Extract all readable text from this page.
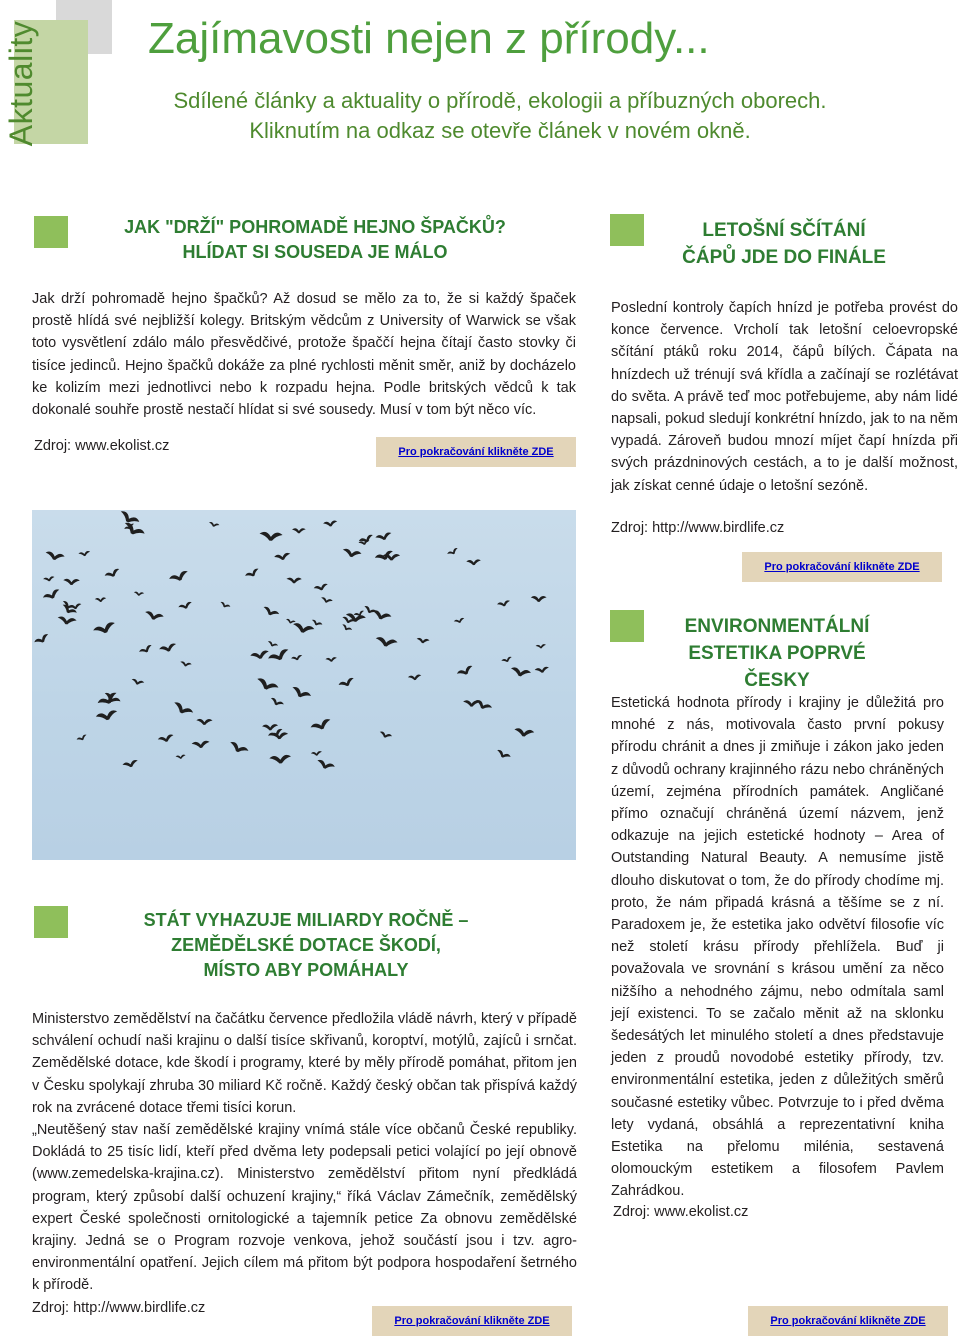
Aktuality Zajímavosti nejen z přírody...
Sdílené články a aktuality o přírodě, ekologii a příbuzných oborech.
Kliknutím na odkaz se otevře článek v novém okně.
JAK "DRŽÍ" POHROMADĚ HEJNO ŠPAČKŮ?
HLÍDAT SI SOUSEDA JE MÁLO
Jak drží pohromadě hejno špačků? Až dosud se mělo za to, že si každý špaček prostě hlídá své nejbližší kolegy. Britským vědcům z University of Warwick se však toto vysvětlení zdálo málo přesvědčivé, protože špaččí hejna čítají často stovky či tisíce jedinců. Hejno špačků dokáže za plné rychlosti měnit směr, aniž by docházelo ke kolizím mezi jednotlivci nebo k rozpadu hejna. Podle britských vědců k tak dokonalé souhře prostě nestačí hlídat si své sousedy. Musí v tom být něco víc.
Zdroj: www.ekolist.cz	Pro pokračování klikněte ZDE
LETOŠNÍ SČÍTÁNÍ
ČÁPŮ JDE DO FINÁLE
Poslední kontroly čapích hnízd je potřeba provést do konce července. Vrcholí tak letošní celoevropské sčítání ptáků roku 2014, čápů bílých. Čápata na hnízdech už trénují svá křídla a začínají se rozlétávat do světa. A právě teď moc potřebujeme, aby nám lidé napsali, pokud sledují konkrétní hnízdo, jak to na něm vypadá. Zároveň budou mnozí míjet čapí hnízda při svých prázdninových cestách, a to je další možnost, jak získat cenné údaje o letošní sezóně.
Zdroj: http://www.birdlife.cz
Pro pokračování klikněte ZDE
ENVIRONMENTÁLNÍ
ESTETIKA POPRVÉ ČESKY
Estetická hodnota přírody i krajiny je důležitá pro mnohé z nás, motivovala často první pokusy přírodu chránit a dnes ji zmiňuje i zákon jako jeden z důvodů ochrany krajinného rázu nebo chráněných území, zejména přírodních památek. Angličané přímo označují chráněná území názvem, jenž odkazuje na jejich estetické hodnoty – Area of Outstanding Natural Beauty. A nemusíme jistě dlouho diskutovat o tom, že do přírody chodíme mj. proto, že nám připadá krásná a těšíme se z ní. Paradoxem je, že estetika jako odvětví filosofie víc než století krásu přírody přehlížela. Buď ji považovala ve srovnání s krásou umění za něco nižšího a nehodného zájmu, nebo odmítala saml její existenci. To se začalo měnit až na sklonku šedesátých let minulého století a dnes představuje jeden z proudů novodobé estetiky přírody, tzv. environmentální estetika, jeden z důležitých směrů současné estetiky vůbec. Potvrzuje to i před dvěma lety vydaná, obsáhlá a reprezentativní kniha Estetika na přelomu milénia, sestavená olomouckým estetikem a filosofem Pavlem Zahrádkou.
Zdroj: www.ekolist.cz
Pro pokračování klikněte ZDE
STÁT VYHAZUJE MILIARDY ROČNĚ –
ZEMĚDĚLSKÉ DOTACE ŠKODÍ,
MÍSTO ABY POMÁHALY
Ministerstvo zemědělství na čačátku července předložila vládě návrh, který v případě schválení ochudí naši krajinu o další tisíce skřivanů, koroptví, motýlů, zajíců i srnčat. Zemědělské dotace, kde škodí i programy, které by měly přírodě pomáhat, přitom jen v Česku spolykají zhruba 30 miliard Kč ročně. Každý český občan tak přispívá každý rok na zvrácené dotace třemi tisíci korun.
„Neutěšený stav naší zemědělské krajiny vnímá stále více občanů České republiky. Dokládá to 25 tisíc lidí, kteří před dvěma lety podepsali petici volající po její obnově (www.zemedelska-krajina.cz). Ministerstvo zemědělství přitom nyní předkládá program, který způsobí další ochuzení krajiny,“ říká Václav Zámečník, zemědělský expert České společnosti ornitologické a tajemník petice Za obnovu zemědělské krajiny. Jedná se o Program rozvoje venkova, jehož součástí jsou i tzv. agro-environmentální opatření. Jejich cílem má přitom být podpora hospodaření šetrného k přírodě.
Zdroj: http://www.birdlife.cz
Pro pokračování klikněte ZDE
